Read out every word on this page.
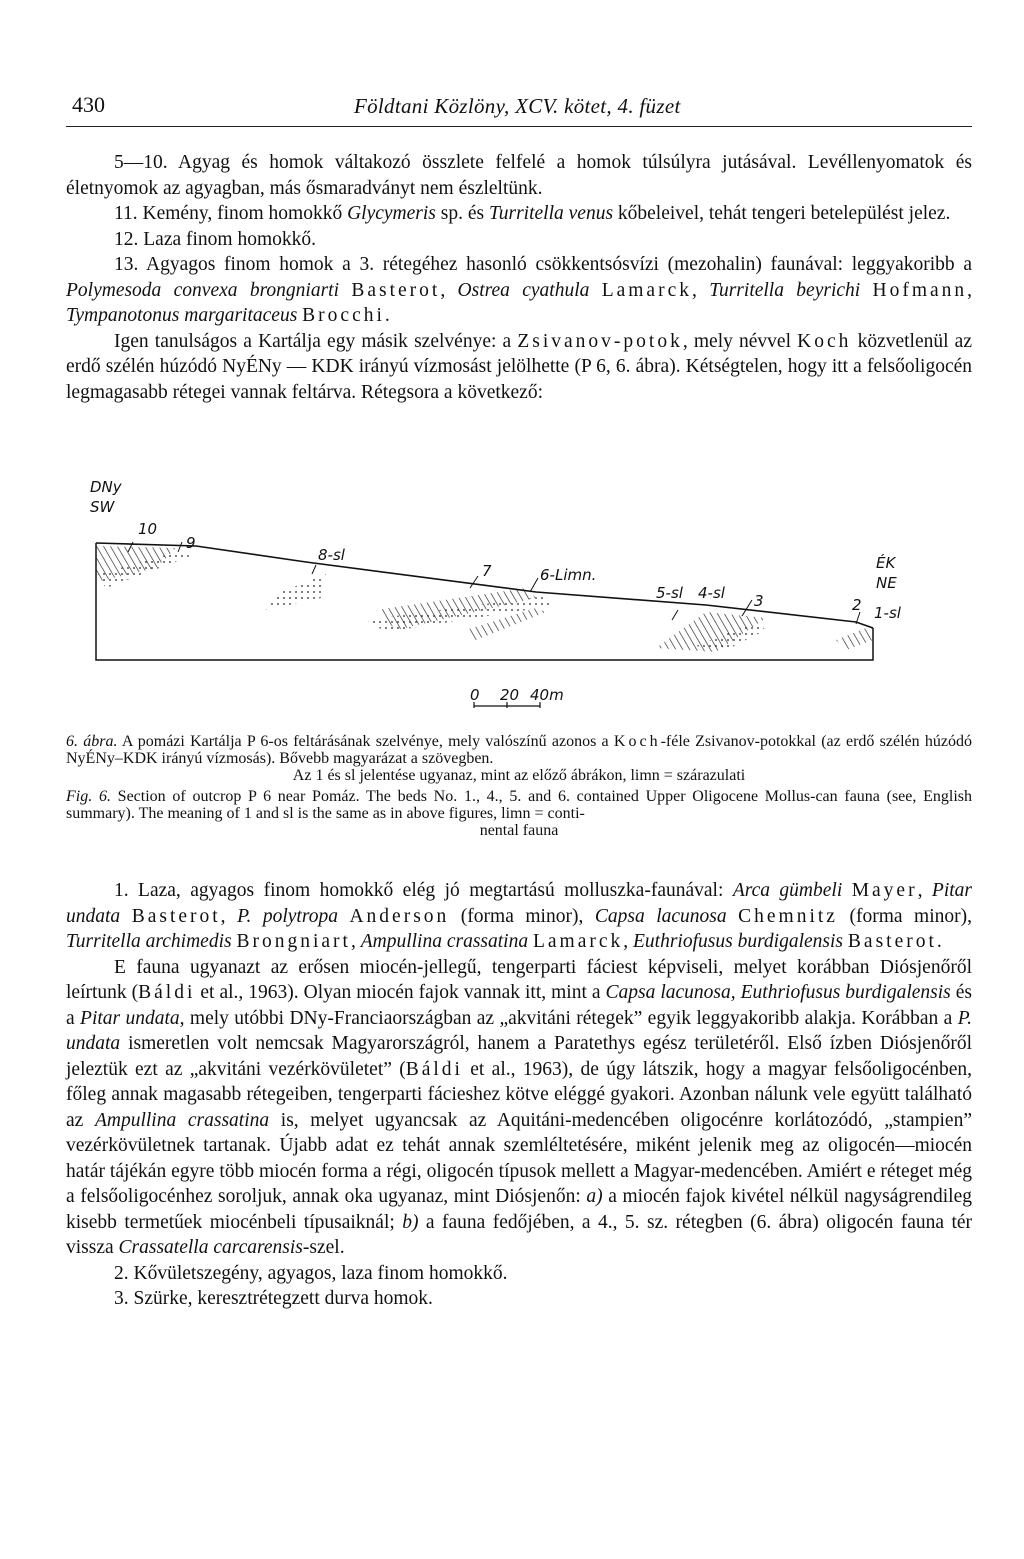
430	Földtani Közlöny, XCV. kötet, 4. füzet

5—10. Agyag és homok váltakozó összlete felfelé a homok túlsúlyra jutásával. Levéllenyomatok és életnyomok az agyagban, más ősmaradványt nem észleltünk.

11. Kemény, finom homokkő Glycymeris sp. és Turritella venus kőbeleivel, tehát tengeri betelepülést jelez.

12. Laza finom homokkő.

13. Agyagos finom homok a 3. rétegéhez hasonló csökkentsósvízi (mezohalin) faunával: leggyakoribb a Polymesoda convexa brongniarti Basterot, Ostrea cyathula Lamarck, Turritella beyrichi Hofmann, Tympanotonus margaritaceus Brocchi.

Igen tanulságos a Kartálja egy másik szelvénye: a Zsivanov-potok, mely névvel Koch közvetlenül az erdő szélén húzódó NyÉNy — KDK irányú vízmosást jelölhette (P 6, 6. ábra). Kétségtelen, hogy itt a felsőoligocén legmagasabb rétegei vannak feltárva. Rétegsora a következő:

DNy
SW
ÉK
NE
10
9
8-sl
7	6-Limn.
5-sl 4-sl 3	2 1-sl
0 20 40m

6. ábra. A pomázi Kartálja P 6-os feltárásának szelvénye, mely valószínű azonos a Koch-féle Zsivanov-potokkal (az erdő szélén húzódó NyÉNy–KDK irányú vízmosás). Bővebb magyarázat a szövegben.

Az 1 és sl jelentése ugyanaz, mint az előző ábrákon, limn = szárazulati

Fig. 6. Section of outcrop P 6 near Pomáz. The beds No. 1., 4., 5. and 6. contained Upper Oligocene Mollus-can fauna (see, English summary). The meaning of 1 and sl is the same as in above figures, limn = conti-

nental fauna

1. Laza, agyagos finom homokkő elég jó megtartású molluszka-faunával: Arca gümbeli Mayer, Pitar undata Basterot, P. polytropa Anderson (forma minor), Capsa lacunosa Chemnitz (forma minor), Turritella archimedis Brongniart, Ampullina crassatina Lamarck, Euthriofusus burdigalensis Basterot.

E fauna ugyanazt az erősen miocén-jellegű, tengerparti fáciest képviseli, melyet korábban Diósjenőről leírtunk (Báldi et al., 1963). Olyan miocén fajok vannak itt, mint a Capsa lacunosa, Euthriofusus burdigalensis és a Pitar undata, mely utóbbi DNy-Franciaországban az „akvitáni rétegek” egyik leggyakoribb alakja. Korábban a P. undata ismeretlen volt nemcsak Magyarországról, hanem a Paratethys egész területéről. Első ízben Diósjenőről jeleztük ezt az „akvitáni vezérkövületet” (Báldi et al., 1963), de úgy látszik, hogy a magyar felsőoligocénben, főleg annak magasabb rétegeiben, tengerparti fácieshez kötve eléggé gyakori. Azonban nálunk vele együtt található az Ampullina crassatina is, melyet ugyancsak az Aquitáni-medencében oligocénre korlátozódó, „stampien” vezérkövületnek tartanak. Újabb adat ez tehát annak szemléltetésére, miként jelenik meg az oligocén—miocén határ tájékán egyre több miocén forma a régi, oligocén típusok mellett a Magyar-medencében. Amiért e réteget még a felsőoligocénhez soroljuk, annak oka ugyanaz, mint Diósjenőn: a) a miocén fajok kivétel nélkül nagyságrendileg kisebb termetűek miocénbeli típusaiknál; b) a fauna fedőjében, a 4., 5. sz. rétegben (6. ábra) oligocén fauna tér vissza Crassatella carcarensis-szel.

2. Kővületszegény, agyagos, laza finom homokkő.

3. Szürke, keresztrétegzett durva homok.
